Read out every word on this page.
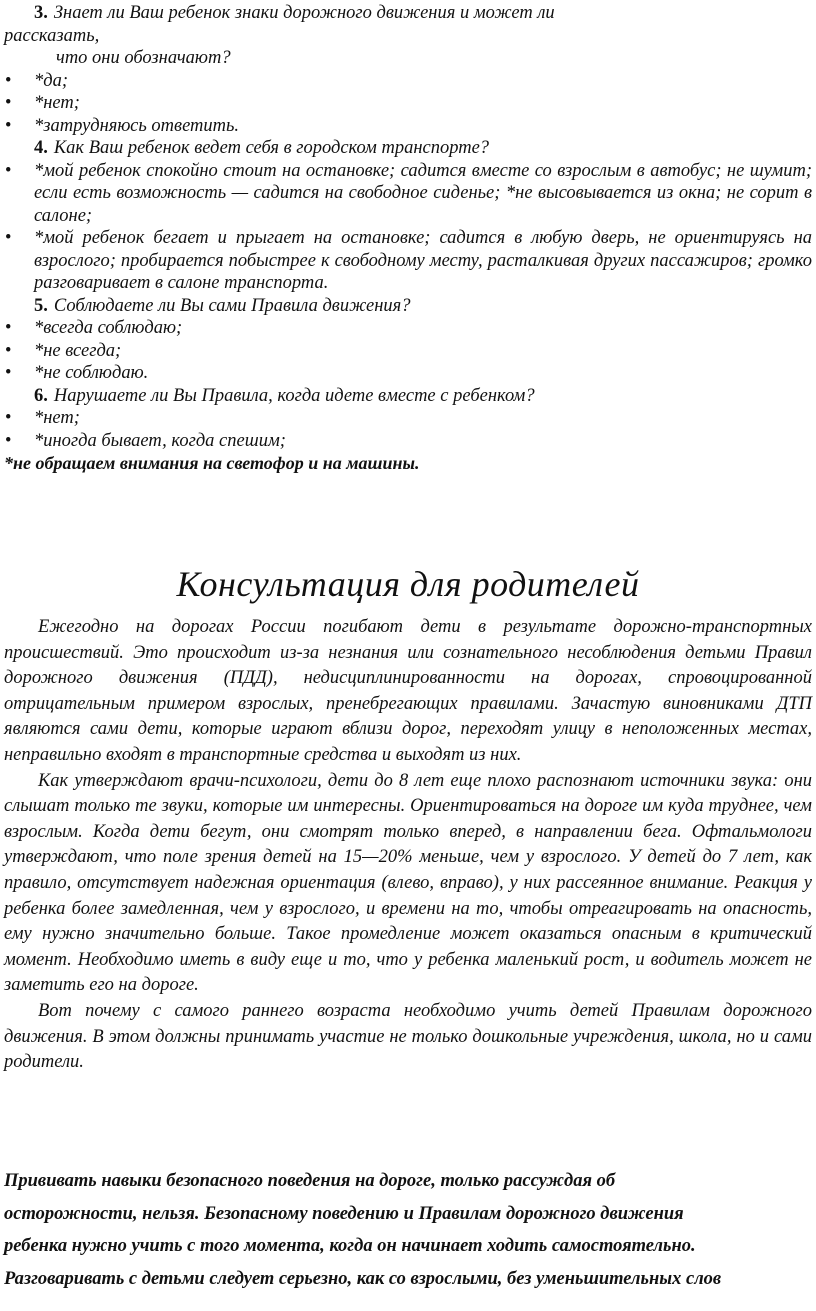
3. Знает ли Ваш ребенок знаки дорожного движения и может ли
рассказать,
что они обозначают?
• *да;
• *нет;
• *затрудняюсь ответить.
4. Как Ваш ребенок ведет себя в городском транспорте?
• *мой ребенок спокойно стоит на остановке; садится вместе со взрослым в автобус; не шумит; если есть возможность — садится на свободное сиденье; *не высовывается из окна; не сорит в салоне;
• *мой ребенок бегает и прыгает на остановке; садится в любую дверь, не ориентируясь на взрослого; пробирается побыстрее к свободному месту, расталкивая других пассажиров; громко разговаривает в салоне транспорта.
5. Соблюдаете ли Вы сами Правила движения?
• *всегда соблюдаю;
• *не всегда;
• *не соблюдаю.
6. Нарушаете ли Вы Правила, когда идете вместе с ребенком?
• *нет;
• *иногда бывает, когда спешим;
*не обращаем внимания на светофор и на машины.
Консультация для родителей

Ежегодно на дорогах России погибают дети в результате дорожно-транспортных происшествий. Это происходит из-за незнания или сознательного несоблюдения детьми Правил дорожного движения (ПДД), недисциплинированности на дорогах, спровоцированной отрицательным примером взрослых, пренебрегающих правилами. Зачастую виновниками ДТП являются сами дети, которые играют вблизи дорог, переходят улицу в неположенных местах, неправильно входят в транспортные средства и выходят из них.

Как утверждают врачи-психологи, дети до 8 лет еще плохо распознают источники звука: они слышат только те звуки, которые им интересны. Ориентироваться на дороге им куда труднее, чем взрослым. Когда дети бегут, они смотрят только вперед, в направлении бега. Офтальмологи утверждают, что поле зрения детей на 15—20% меньше, чем у взрослого. У детей до 7 лет, как правило, отсутствует надежная ориентация (влево, вправо), у них рассеянное внимание. Реакция у ребенка более замедленная, чем у взрослого, и времени на то, чтобы отреагировать на опасность, ему нужно значительно больше. Такое промедление может оказаться опасным в критический момент. Необходимо иметь в виду еще и то, что у ребенка маленький рост, и водитель может не заметить его на дороге.

Вот почему с самого раннего возраста необходимо учить детей Правилам дорожного движения. В этом должны принимать участие не только дошкольные учреждения, школа, но и сами родители.

Прививать навыки безопасного поведения на дороге, только рассуждая об
осторожности, нельзя. Безопасному поведению и Правилам дорожного движения
ребенка нужно учить с того момента, когда он начинает ходить самостоятельно.
Разговаривать с детьми следует серьезно, как со взрослыми, без уменьшительных слов
